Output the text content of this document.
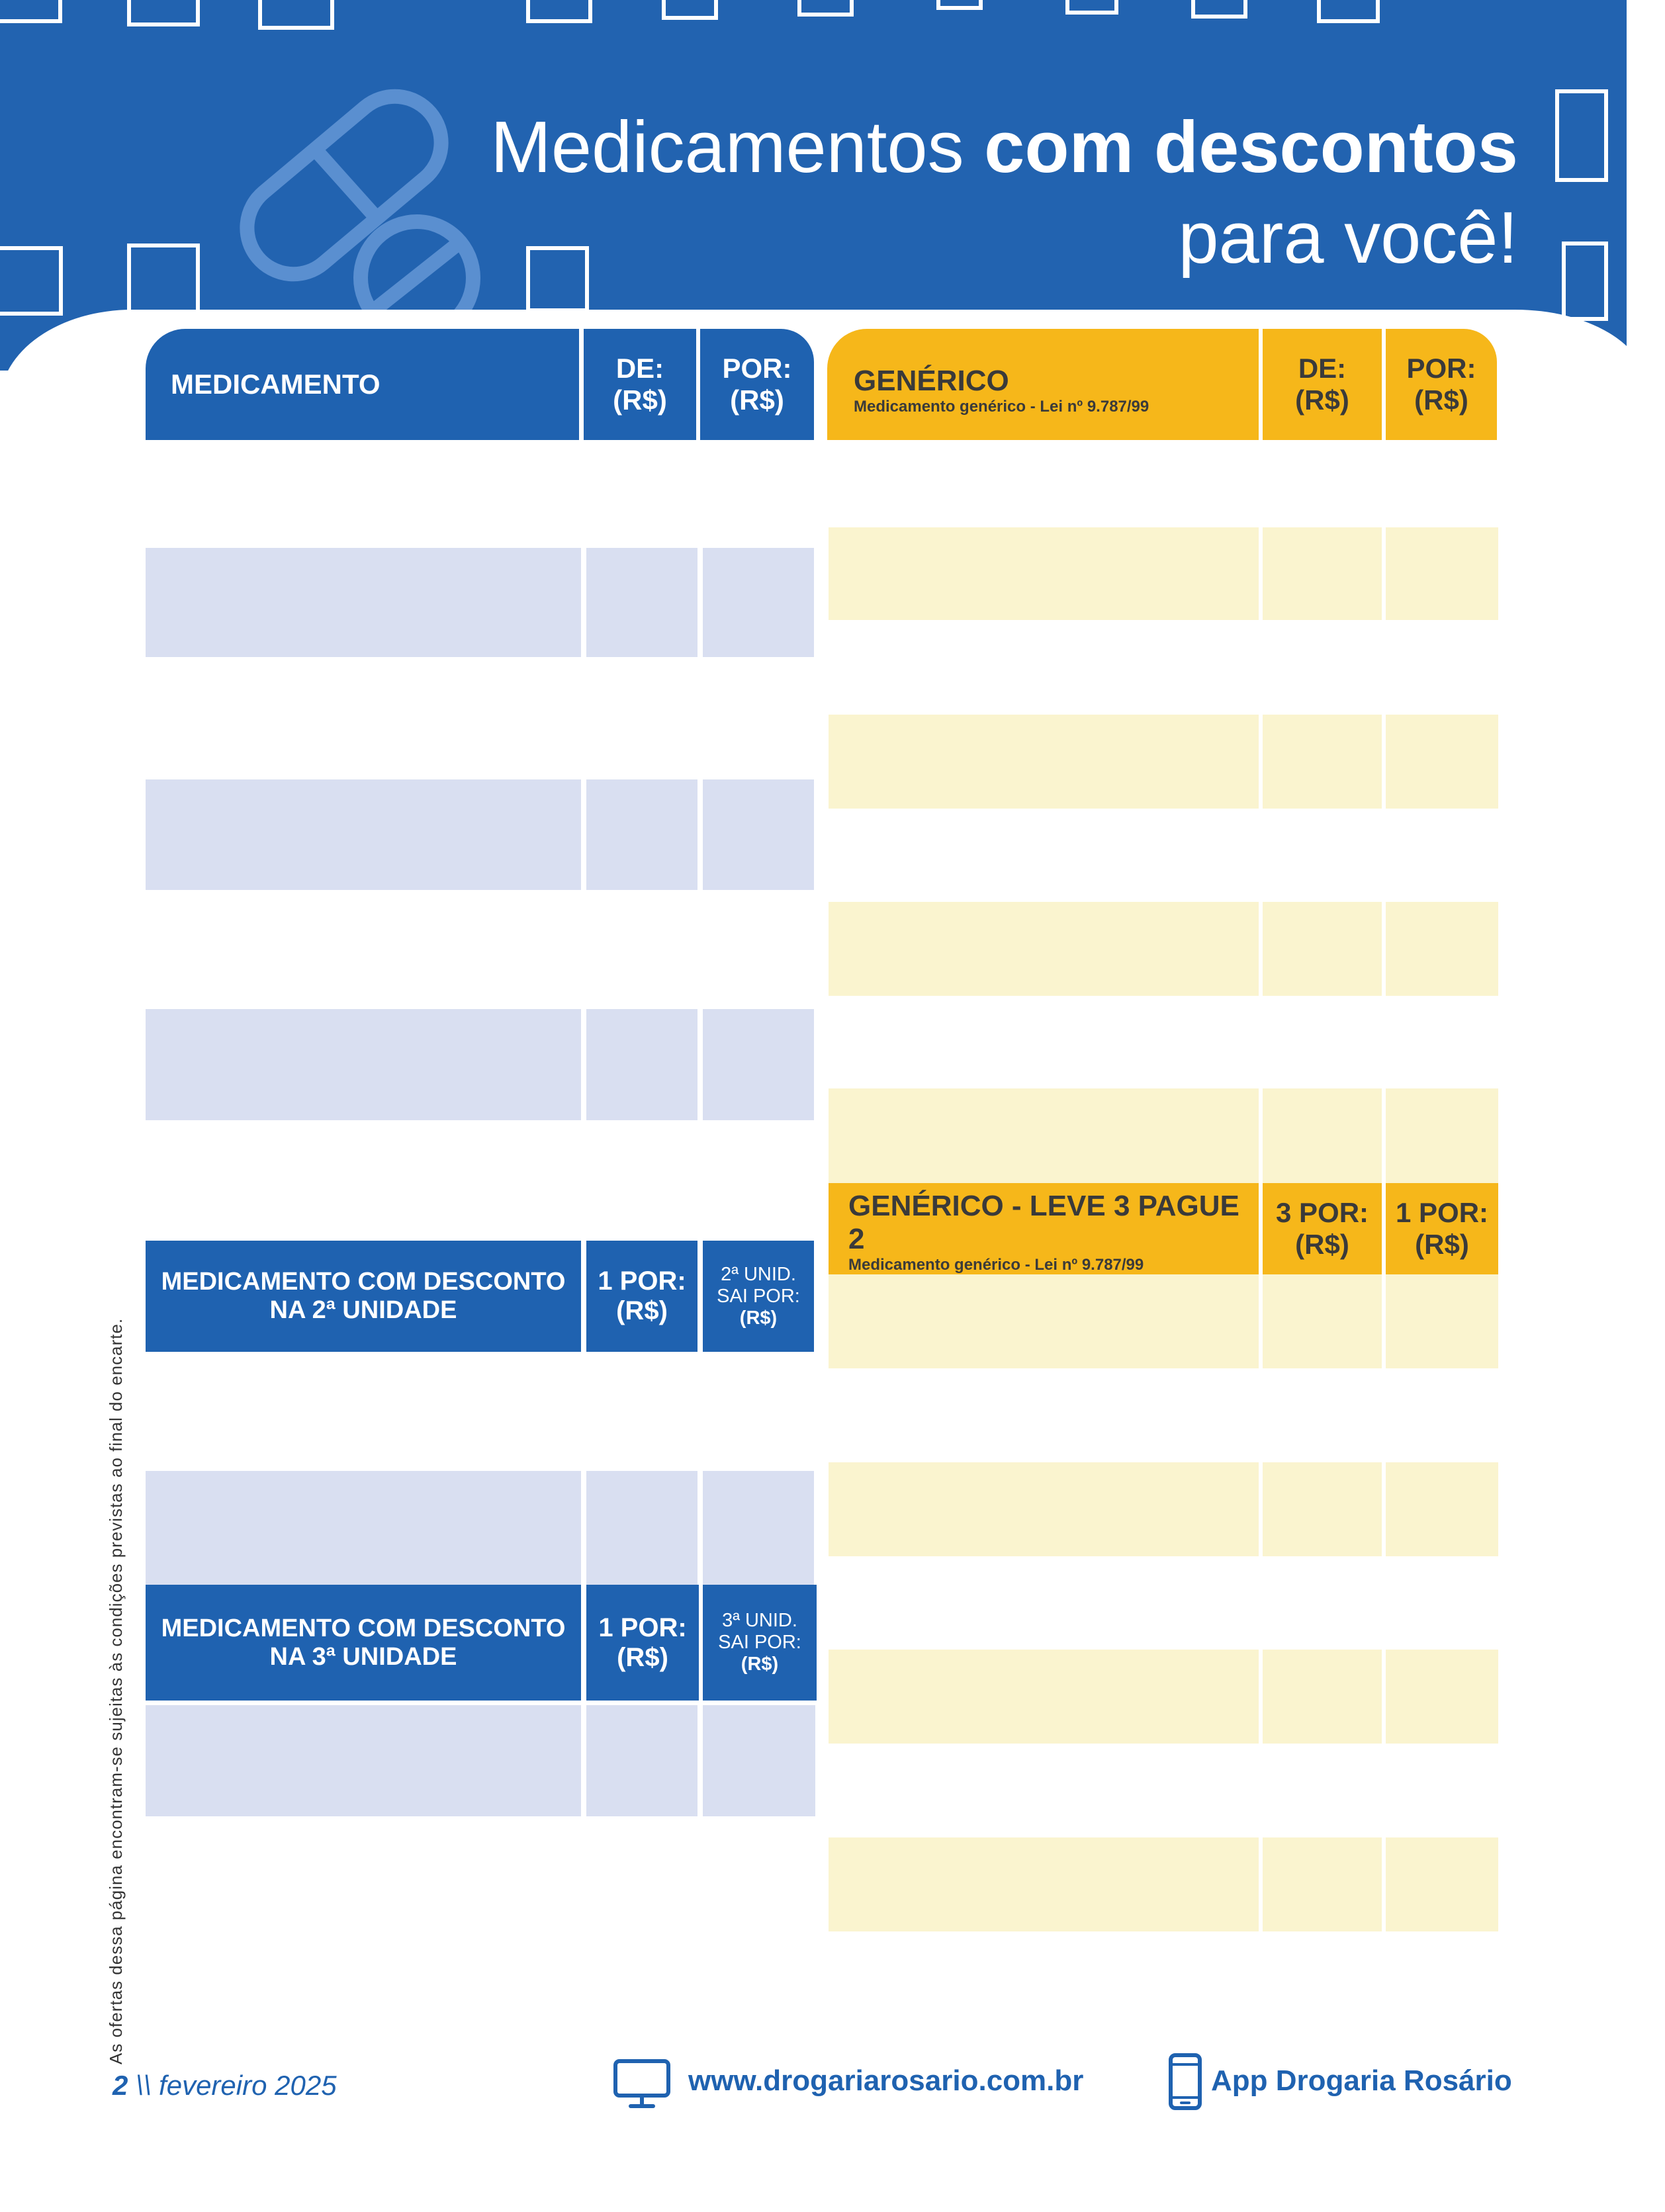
Medicamentos com descontos
para você!
MEDICAMENTO
DE:
(R$)
POR:
(R$)
GENÉRICO
Medicamento genérico - Lei nº 9.787/99
DE:
(R$)
POR:
(R$)
GENÉRICO - LEVE 3 PAGUE 2
Medicamento genérico - Lei nº 9.787/99
3 POR:
(R$)
1 POR:
(R$)
MEDICAMENTO COM DESCONTO
NA 2ª UNIDADE
1 POR:
(R$)
2ª UNID.
SAI POR:
(R$)
MEDICAMENTO COM DESCONTO
NA 3ª UNIDADE
1 POR:
(R$)
3ª UNID.
SAI POR:
(R$)
As ofertas dessa página encontram-se sujeitas às condições previstas ao final do encarte.
2 \\ fevereiro 2025	www.drogariarosario.com.br	App Drogaria Rosário
